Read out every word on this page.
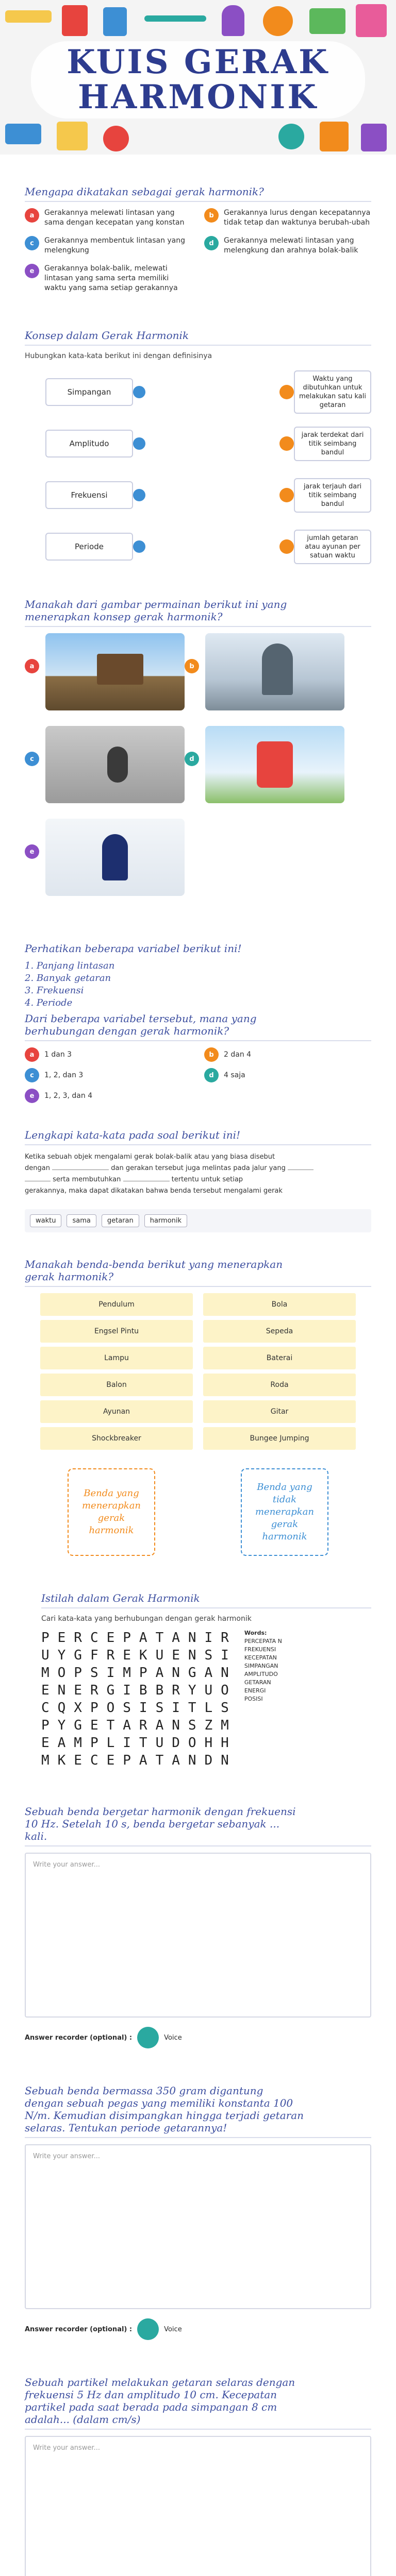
KUIS GERAK
HARMONIK
Mengapa dikatakan sebagai gerak harmonik?
a	Gerakannya melewati lintasan yang sama dengan kecepatan yang konstan
b	Gerakannya lurus dengan kecepatannya tidak tetap dan waktunya berubah-ubah
c	Gerakannya membentuk lintasan yang melengkung
d	Gerakannya melewati lintasan yang melengkung dan arahnya bolak-balik
e	Gerakannya bolak-balik, melewati lintasan yang sama serta memiliki waktu yang sama setiap gerakannya
Konsep dalam Gerak Harmonik
Hubungkan kata-kata berikut ini dengan definisinya
Simpangan
Waktu yang dibutuhkan untuk melakukan satu kali getaran
Amplitudo
jarak terdekat dari titik seimbang bandul
Frekuensi
jarak terjauh dari titik seimbang bandul
Periode
jumlah getaran atau ayunan per satuan waktu
Manakah dari gambar permainan berikut ini yang
menerapkan konsep gerak harmonik?
a	b
c	d
e
Perhatikan beberapa variabel berikut ini!
1. Panjang lintasan
2. Banyak getaran
3. Frekuensi
4. Periode
Dari beberapa variabel tersebut, mana yang
berhubungan dengan gerak harmonik?
a	1 dan 3	b	2 dan 4
c	1, 2, dan 3	d	4 saja
e	1, 2, 3, dan 4
Lengkapi kata-kata pada soal berikut ini!
Ketika sebuah objek mengalami gerak bolak-balik atau yang biasa disebut
dengan	dan gerakan tersebut juga melintas pada jalur yang
serta membutuhkan	tertentu untuk setiap
gerakannya, maka dapat dikatakan bahwa benda tersebut mengalami gerak
waktu	sama	getaran	harmonik
Manakah benda-benda berikut yang menerapkan
gerak harmonik?
Pendulum	Bola
Engsel Pintu	Sepeda
Lampu	Baterai
Balon	Roda
Ayunan	Gitar
Shockbreaker	Bungee Jumping
Benda yang menerapkan gerak harmonik
Benda yang tidak menerapkan gerak harmonik
Istilah dalam Gerak Harmonik
Cari kata-kata yang berhubungan dengan gerak harmonik
PERCEPATANIR
UYGFREKUENSI
MOPSIMPANGAN
ENERGIBBRYUO
CQXPOSISITLS
PYGETARANSZM
EAMPLITUDOHH
MKECEPATANDN
Words:
PERCEPATA N
FREKUENSI
KECEPATAN
SIMPANGAN
AMPLITUDO
GETARAN
ENERGI
POSISI
Sebuah benda bergetar harmonik dengan frekuensi
10 Hz. Setelah 10 s, benda bergetar sebanyak ...
kali.
Write your answer...
Answer recorder (optional) :	Voice
Sebuah benda bermassa 350 gram digantung
dengan sebuah pegas yang memiliki konstanta 100
N/m. Kemudian disimpangkan hingga terjadi getaran
selaras. Tentukan periode getarannya!
Write your answer...
Answer recorder (optional) :	Voice
Sebuah partikel melakukan getaran selaras dengan
frekuensi 5 Hz dan amplitudo 10 cm. Kecepatan
partikel pada saat berada pada simpangan 8 cm
adalah... (dalam cm/s)
Write your answer...
